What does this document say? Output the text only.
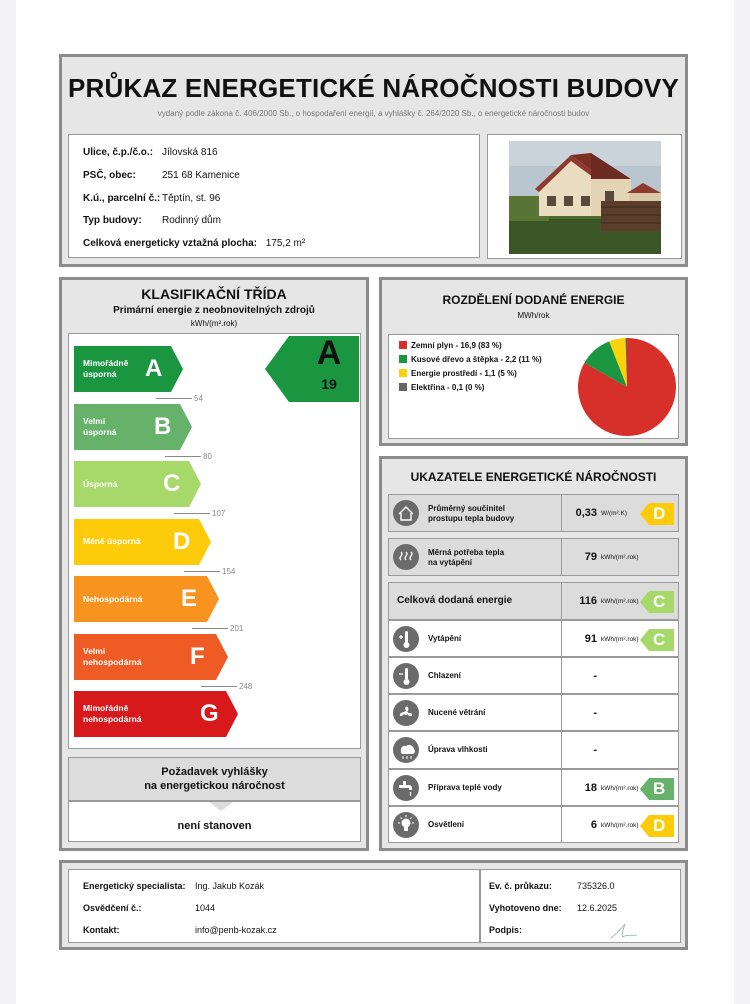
PRŮKAZ ENERGETICKÉ NÁROČNOSTI BUDOVY
vydaný podle zákona č. 406/2000 Sb., o hospodaření energií, a vyhlášky č. 264/2020 Sb., o energetické náročnosti budov
Ulice, č.p./č.o.: Jílovská 816
PSČ, obec:	251 68 Kamenice
K.ú., parcelní č.: Těptín, st. 96
Typ budovy: Rodinný dům
Celková energeticky vztažná plocha: 175,2 m²
KLASIFIKAČNÍ TŘÍDA
Primární energie z neobnovitelných zdrojů
kWh/(m².rok)
Mimořádně
úsporná	A
54
Velmi
úsporná B
80
Úsporná C
107
Méně úsporná D
154
Nehospodárná E
201
Velmi
nehospodárná F
248
Mimořádně
nehospodárná G
A
19
Požadavek vyhlášky
na energetickou náročnost
není stanoven
ROZDĚLENÍ DODANÉ ENERGIE
MWh/rok
Zemní plyn - 16,9 (83 %)
Kusové dřevo a štěpka - 2,2 (11 %)
Energie prostředí - 1,1 (5 %)
Elektřina - 0,1 (0 %)
UKAZATELE ENERGETICKÉ NÁROČNOSTI
Průměrný součinitel
prostupu tepla budovy	0,33 W/(m².K) D
Měrná potřeba tepla
na vytápění	79 kWh/(m².rok)
Celková dodaná energie	116 kWh/(m².rok) C
Vytápění	91 kWh/(m².rok) C
Chlazení	-
Nucené větrání	-
Úprava vlhkosti	-
Příprava teplé vody	18 kWh/(m².rok) B
Osvětlení	6 kWh/(m².rok) D
Energetický specialista: Ing. Jakub Kozák
Osvědčení č.:	1044
Kontakt:	info@penb-kozak.cz
Ev. č. průkazu:	735326.0
Vyhotoveno dne: 12.6.2025
Podpis:
